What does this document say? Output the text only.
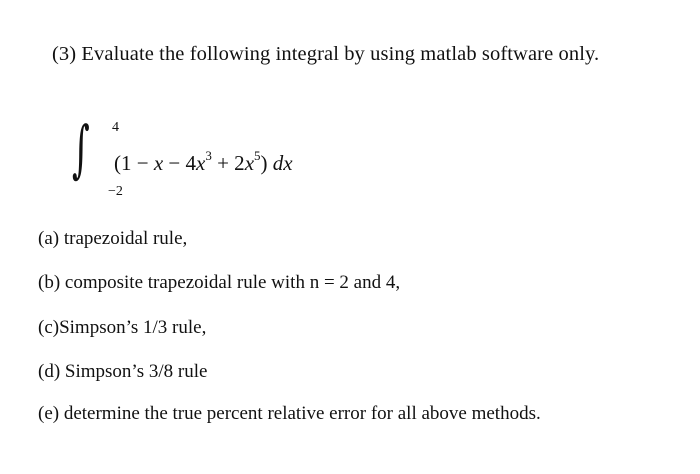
(3) Evaluate the following integral by using matlab software only.
∫ 4
−2
$(1 - x - 4x^3 + 2x^5)$ dx
(a) trapezoidal rule,
(b) composite trapezoidal rule with n = 2 and 4,
(c)Simpson’s 1/3 rule,
(d) Simpson’s 3/8 rule
(e) determine the true percent relative error for all above methods.
